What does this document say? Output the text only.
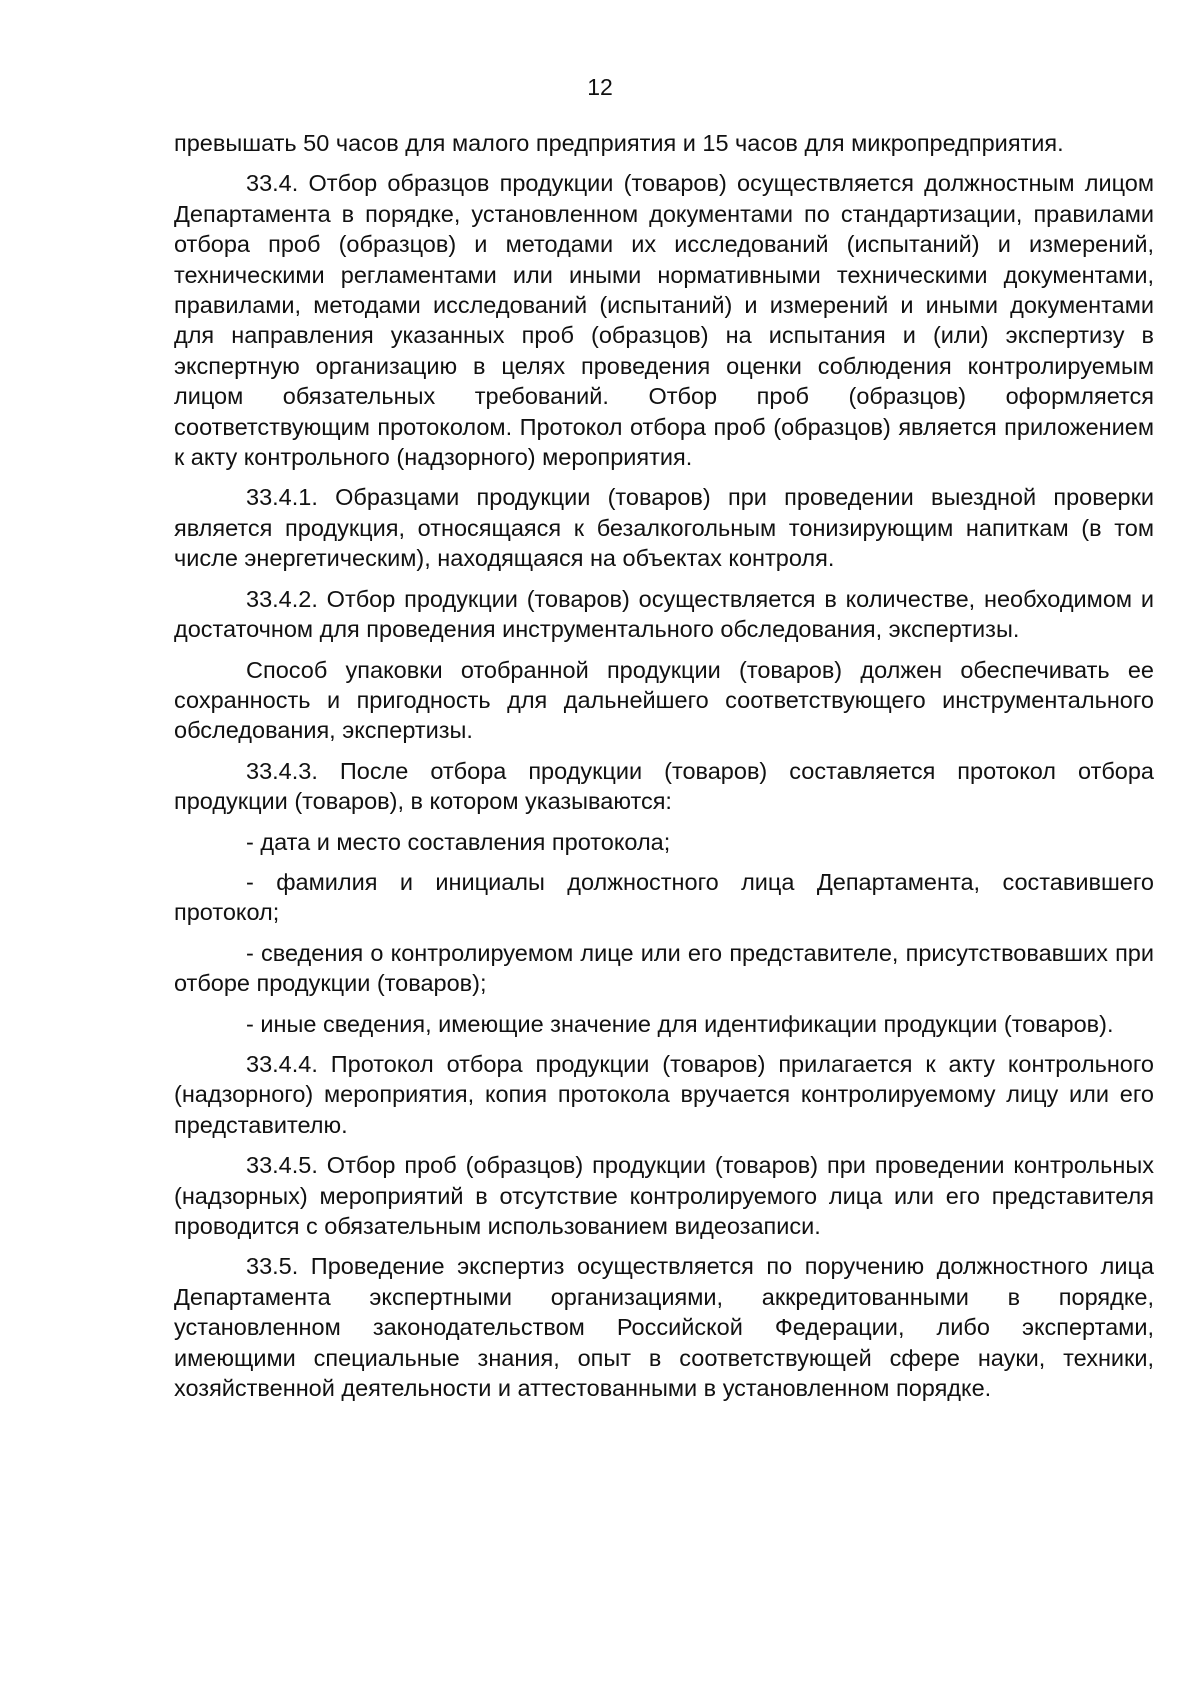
12

превышать 50 часов для малого предприятия и 15 часов для микропредприятия.

33.4. Отбор образцов продукции (товаров) осуществляется должностным лицом Департамента в порядке, установленном документами по стандартизации, правилами отбора проб (образцов) и методами их исследований (испытаний) и измерений, техническими регламентами или иными нормативными техническими документами, правилами, методами исследований (испытаний) и измерений и иными документами для направления указанных проб (образцов) на испытания и (или) экспертизу в экспертную организацию в целях проведения оценки соблюдения контролируемым лицом обязательных требований. Отбор проб (образцов) оформляется соответствующим протоколом. Протокол отбора проб (образцов) является приложением к акту контрольного (надзорного) мероприятия.

33.4.1. Образцами продукции (товаров) при проведении выездной проверки является продукция, относящаяся к безалкогольным тонизирующим напиткам (в том числе энергетическим), находящаяся на объектах контроля.

33.4.2. Отбор продукции (товаров) осуществляется в количестве, необходимом и достаточном для проведения инструментального обследования, экспертизы.

Способ упаковки отобранной продукции (товаров) должен обеспечивать ее сохранность и пригодность для дальнейшего соответствующего инструментального обследования, экспертизы.

33.4.3. После отбора продукции (товаров) составляется протокол отбора продукции (товаров), в котором указываются:

- дата и место составления протокола;

- фамилия и инициалы должностного лица Департамента, составившего протокол;

- сведения о контролируемом лице или его представителе, присутствовавших при отборе продукции (товаров);

- иные сведения, имеющие значение для идентификации продукции (товаров).

33.4.4. Протокол отбора продукции (товаров) прилагается к акту контрольного (надзорного) мероприятия, копия протокола вручается контролируемому лицу или его представителю.

33.4.5. Отбор проб (образцов) продукции (товаров) при проведении контрольных (надзорных) мероприятий в отсутствие контролируемого лица или его представителя проводится с обязательным использованием видеозаписи.

33.5. Проведение экспертиз осуществляется по поручению должностного лица Департамента экспертными организациями, аккредитованными в порядке, установленном законодательством Российской Федерации, либо экспертами, имеющими специальные знания, опыт в соответствующей сфере науки, техники, хозяйственной деятельности и аттестованными в установленном порядке.
